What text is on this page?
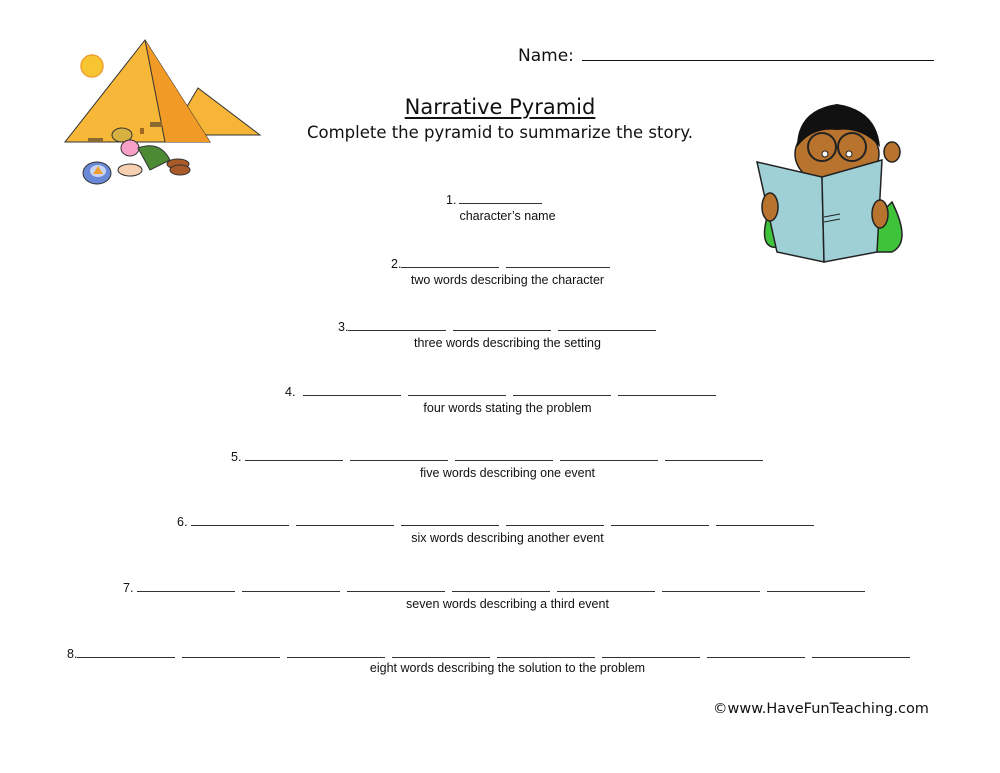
Name:
Narrative Pyramid
Complete the pyramid to summarize the story.
1.
character’s name
2.
two words describing the character
3.
three words describing the setting
4.
four words stating the problem
5.
five words describing one event
6.
six words describing another event
7.
seven words describing a third event
8.
eight words describing the solution to the problem
©www.HaveFunTeaching.com
